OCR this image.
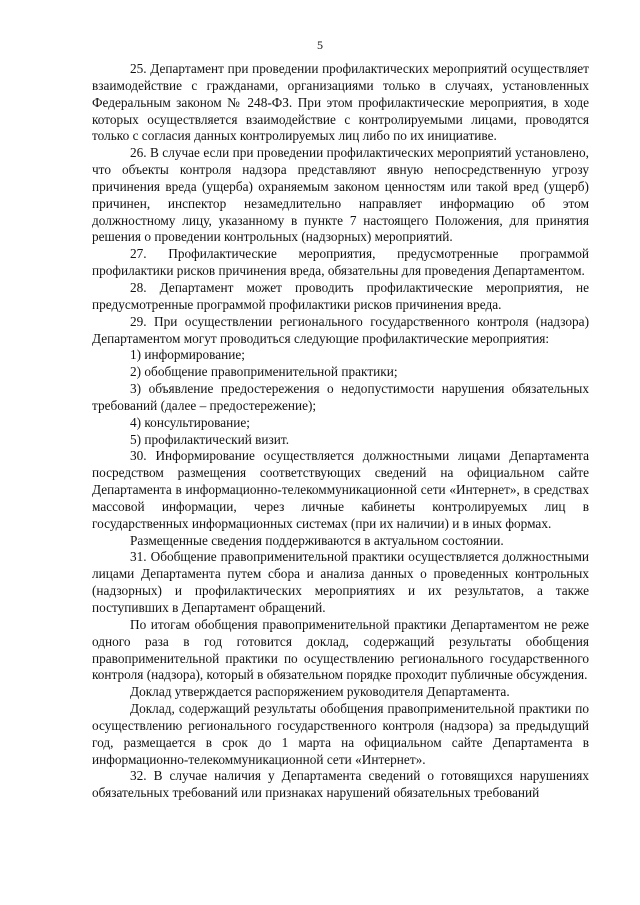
5

25. Департамент при проведении профилактических мероприятий осуществляет взаимодействие с гражданами, организациями только в случаях, установленных Федеральным законом № 248-ФЗ. При этом профилактические мероприятия, в ходе которых осуществляется взаимодействие с контролируемыми лицами, проводятся только с согласия данных контролируемых лиц либо по их инициативе.

26. В случае если при проведении профилактических мероприятий установлено, что объекты контроля надзора представляют явную непосредственную угрозу причинения вреда (ущерба) охраняемым законом ценностям или такой вред (ущерб) причинен, инспектор незамедлительно направляет информацию об этом должностному лицу, указанному в пункте 7 настоящего Положения, для принятия решения о проведении контрольных (надзорных) мероприятий.

27. Профилактические мероприятия, предусмотренные программой профилактики рисков причинения вреда, обязательны для проведения Департаментом.

28. Департамент может проводить профилактические мероприятия, не предусмотренные программой профилактики рисков причинения вреда.

29. При осуществлении регионального государственного контроля (надзора) Департаментом могут проводиться следующие профилактические мероприятия:

1) информирование;

2) обобщение правоприменительной практики;

3) объявление предостережения о недопустимости нарушения обязательных требований (далее – предостережение);

4) консультирование;

5) профилактический визит.

30. Информирование осуществляется должностными лицами Департамента посредством размещения соответствующих сведений на официальном сайте Департамента в информационно-телекоммуникационной сети «Интернет», в средствах массовой информации, через личные кабинеты контролируемых лиц в государственных информационных системах (при их наличии) и в иных формах.

Размещенные сведения поддерживаются в актуальном состоянии.

31. Обобщение правоприменительной практики осуществляется должностными лицами Департамента путем сбора и анализа данных о проведенных контрольных (надзорных) и профилактических мероприятиях и их результатов, а также поступивших в Департамент обращений.

По итогам обобщения правоприменительной практики Департаментом не реже одного раза в год готовится доклад, содержащий результаты обобщения правоприменительной практики по осуществлению регионального государственного контроля (надзора), который в обязательном порядке проходит публичные обсуждения.

Доклад утверждается распоряжением руководителя Департамента.

Доклад, содержащий результаты обобщения правоприменительной практики по осуществлению регионального государственного контроля (надзора) за предыдущий год, размещается в срок до 1 марта на официальном сайте Департамента в информационно-телекоммуникационной сети «Интернет».

32. В случае наличия у Департамента сведений о готовящихся нарушениях обязательных требований или признаках нарушений обязательных требований
